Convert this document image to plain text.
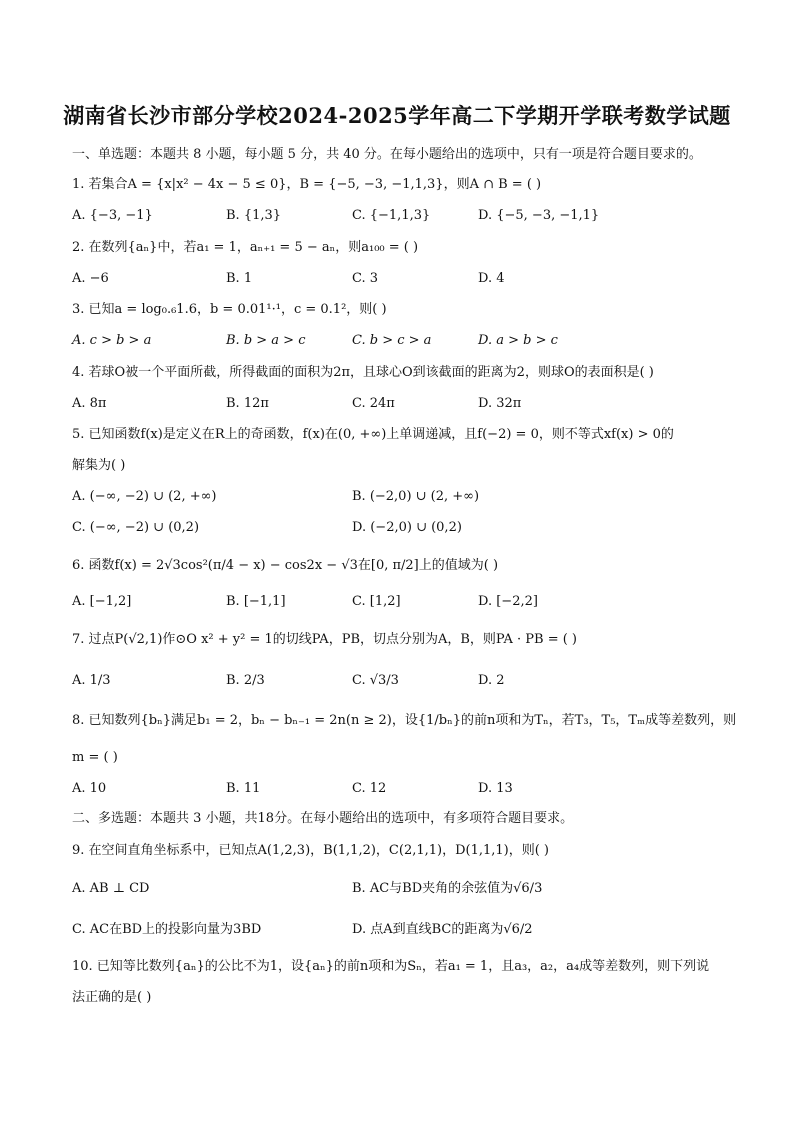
湖南省长沙市部分学校2024-2025学年高二下学期开学联考数学试题
一、单选题：本题共 8 小题，每小题 5 分，共 40 分。在每小题给出的选项中，只有一项是符合题目要求的。
1. 若集合A = {x|x² − 4x − 5 ≤ 0}，B = {−5, −3, −1,1,3}，则A ∩ B = ( )
A. {−3, −1}	B. {1,3}	C. {−1,1,3}	D. {−5, −3, −1,1}
2. 在数列{aₙ}中，若a₁ = 1，aₙ₊₁ = 5 − aₙ，则a₁₀₀ = ( )
A. −6	B. 1	C. 3	D. 4
3. 已知a = log₀.₆1.6，b = 0.01¹·¹，c = 0.1²，则( )
A. c > b > a	B. b > a > c	C. b > c > a	D. a > b > c
4. 若球O被一个平面所截，所得截面的面积为2π，且球心O到该截面的距离为2，则球O的表面积是( )
A. 8π	B. 12π	C. 24π	D. 32π
5. 已知函数f(x)是定义在R上的奇函数，f(x)在(0, +∞)上单调递减，且f(−2) = 0，则不等式xf(x) > 0的
解集为( )
A. (−∞, −2) ∪ (2, +∞)	B. (−2,0) ∪ (2, +∞)
C. (−∞, −2) ∪ (0,2)	D. (−2,0) ∪ (0,2)
6. 函数f(x) = 2√3cos²(π/4 − x) − cos2x − √3在[0, π/2]上的值域为( )
A. [−1,2]	B. [−1,1]	C. [1,2]	D. [−2,2]
7. 过点P(√2,1)作⊙O x² + y² = 1的切线PA，PB，切点分别为A，B，则PA · PB = ( )
A. 1/3	B. 2/3	C. √3/3	D. 2
8. 已知数列{bₙ}满足b₁ = 2，bₙ − bₙ₋₁ = 2n(n ≥ 2)，设{1/bₙ}的前n项和为Tₙ，若T₃，T₅，Tₘ成等差数列，则
m = ( )
A. 10	B. 11	C. 12	D. 13
二、多选题：本题共 3 小题，共18分。在每小题给出的选项中，有多项符合题目要求。
9. 在空间直角坐标系中，已知点A(1,2,3)，B(1,1,2)，C(2,1,1)，D(1,1,1)，则( )
A. AB ⊥ CD	B. AC与BD夹角的余弦值为√6/3
C. AC在BD上的投影向量为3BD	D. 点A到直线BC的距离为√6/2
10. 已知等比数列{aₙ}的公比不为1，设{aₙ}的前n项和为Sₙ，若a₁ = 1，且a₃，a₂，a₄成等差数列，则下列说
法正确的是( )
